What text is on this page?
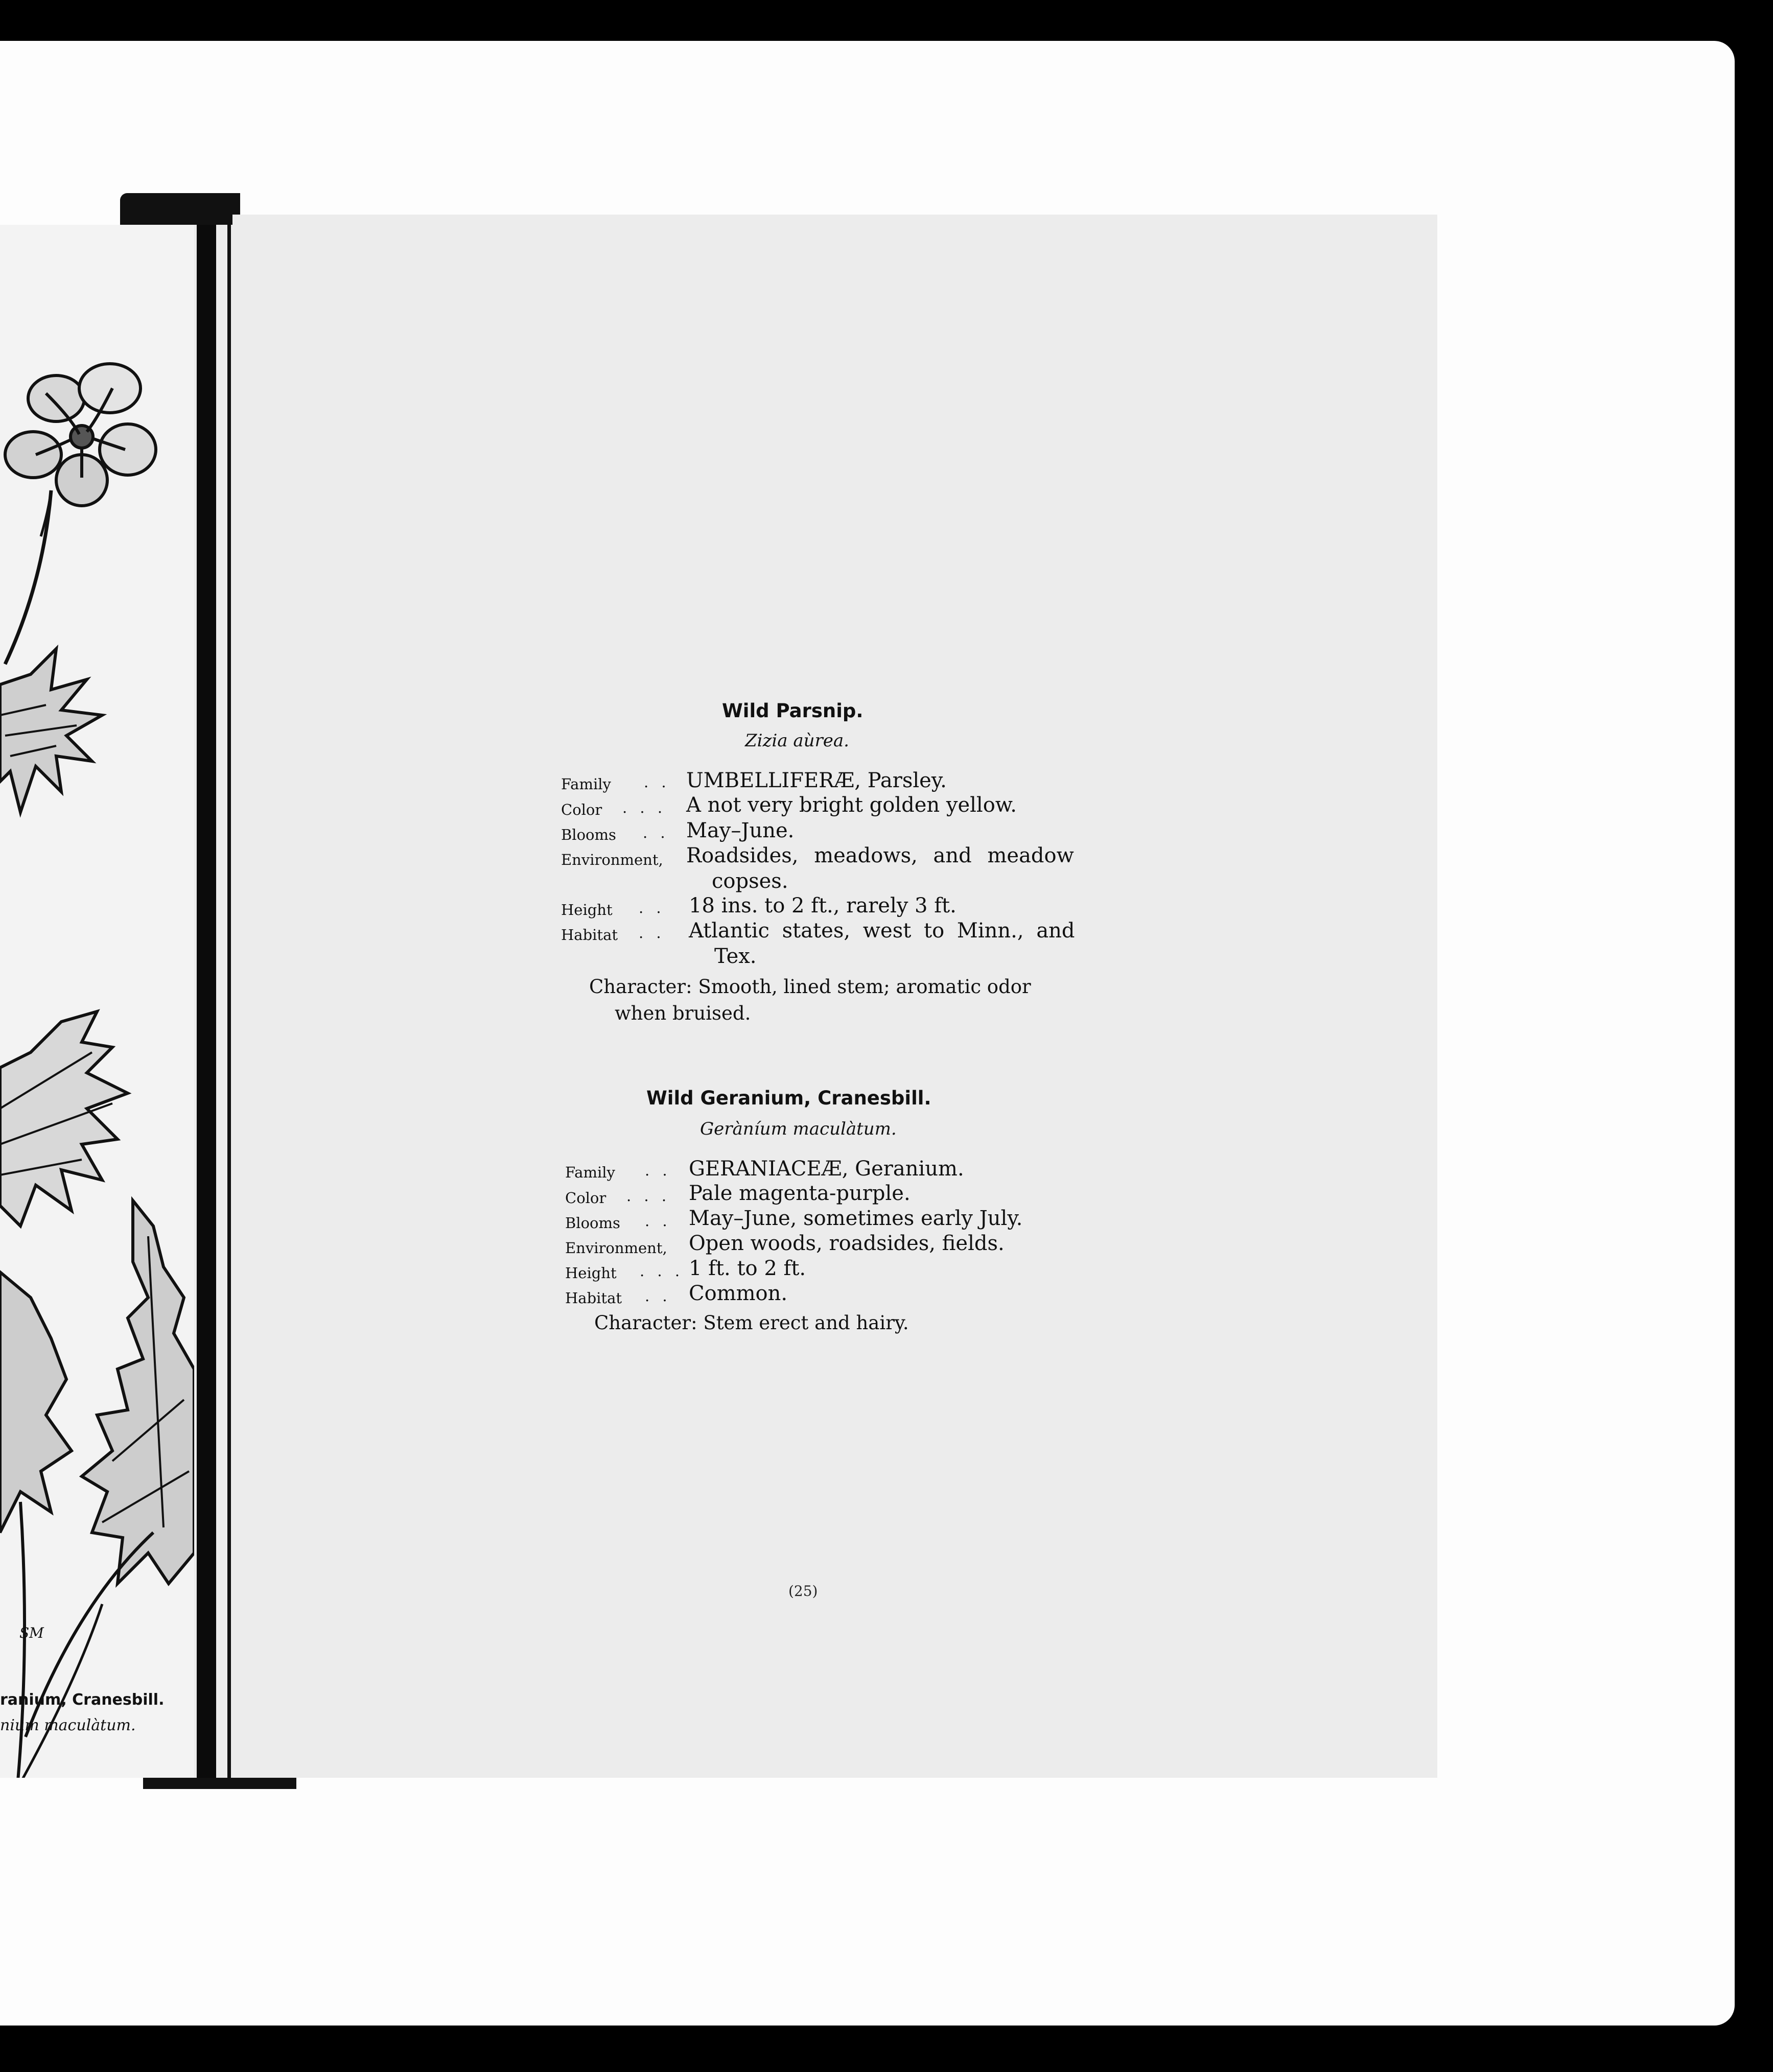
ranium, Cranesbill.
nium maculàtum.
SM
Wild Parsnip.
Zizia aùrea.
Family . . UMBELLIFERÆ, Parsley.
Color . . . A not very bright golden yellow.
Blooms . . May–June.
Environment, Roadsides, meadows, and meadow
copses.
Height . . 18 ins. to 2 ft., rarely 3 ft.
Habitat . . Atlantic states, west to Minn., and
Tex.
Character: Smooth, lined stem; aromatic odor
when bruised.
Wild Geranium, Cranesbill.
Geràníum maculàtum.
Family . . GERANIACEÆ, Geranium.
Color . . . Pale magenta-purple.
Blooms . . May–June, sometimes early July.
Environment, Open woods, roadsides, fields.
Height . . . 1 ft. to 2 ft.
Habitat . . Common.
Character: Stem erect and hairy.
(25)
